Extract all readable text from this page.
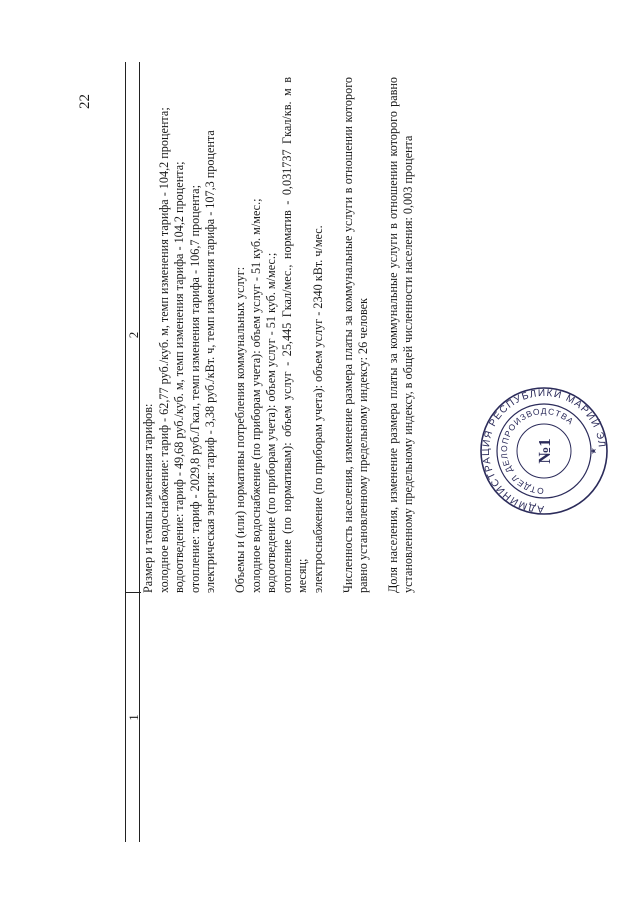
22
1
2

Размер и темпы изменения тарифов: холодное водоснабжение: тариф - 62,77 руб./куб. м, темп изменения тарифа - 104,2 процента; водоотведение: тариф - 49,68 руб./куб. м, темп изменения тарифа - 104,2 процента; отопление: тариф - 2029,8 руб./Гкал, темп изменения тарифа - 106,7 процента; электрическая энергия: тариф - 3,38 руб./кВт. ч, темп изменения тарифа - 107,3 процента Объемы и (или) нормативы потребления коммунальных услуг: холодное водоснабжение (по приборам учета): объем услуг - 51 куб. м/мес.; водоотведение (по приборам учета): объем услуг - 51 куб. м/мес.; отопление (по нормативам): объем услуг - 25,445 Гкал/мес., норматив - 0,031737 Гкал/кв. м в месяц; электроснабжение (по приборам учета): объем услуг - 2340 кВт. ч/мес. Численность населения, изменение размера платы за коммунальные услуги в отношении которого равно установленному предельному индексу: 26 человек Доля населения, изменение размера платы за коммунальные услуги в отношении которого равно установленному предельному индексу, в общей численности населения: 0,003 процента	АДМИНИСТРАЦИЯ РЕСПУБЛИКИ МАРИЙ ЭЛ
ОТДЕЛ ДЕЛОПРОИЗВОДСТВА
№1	★
